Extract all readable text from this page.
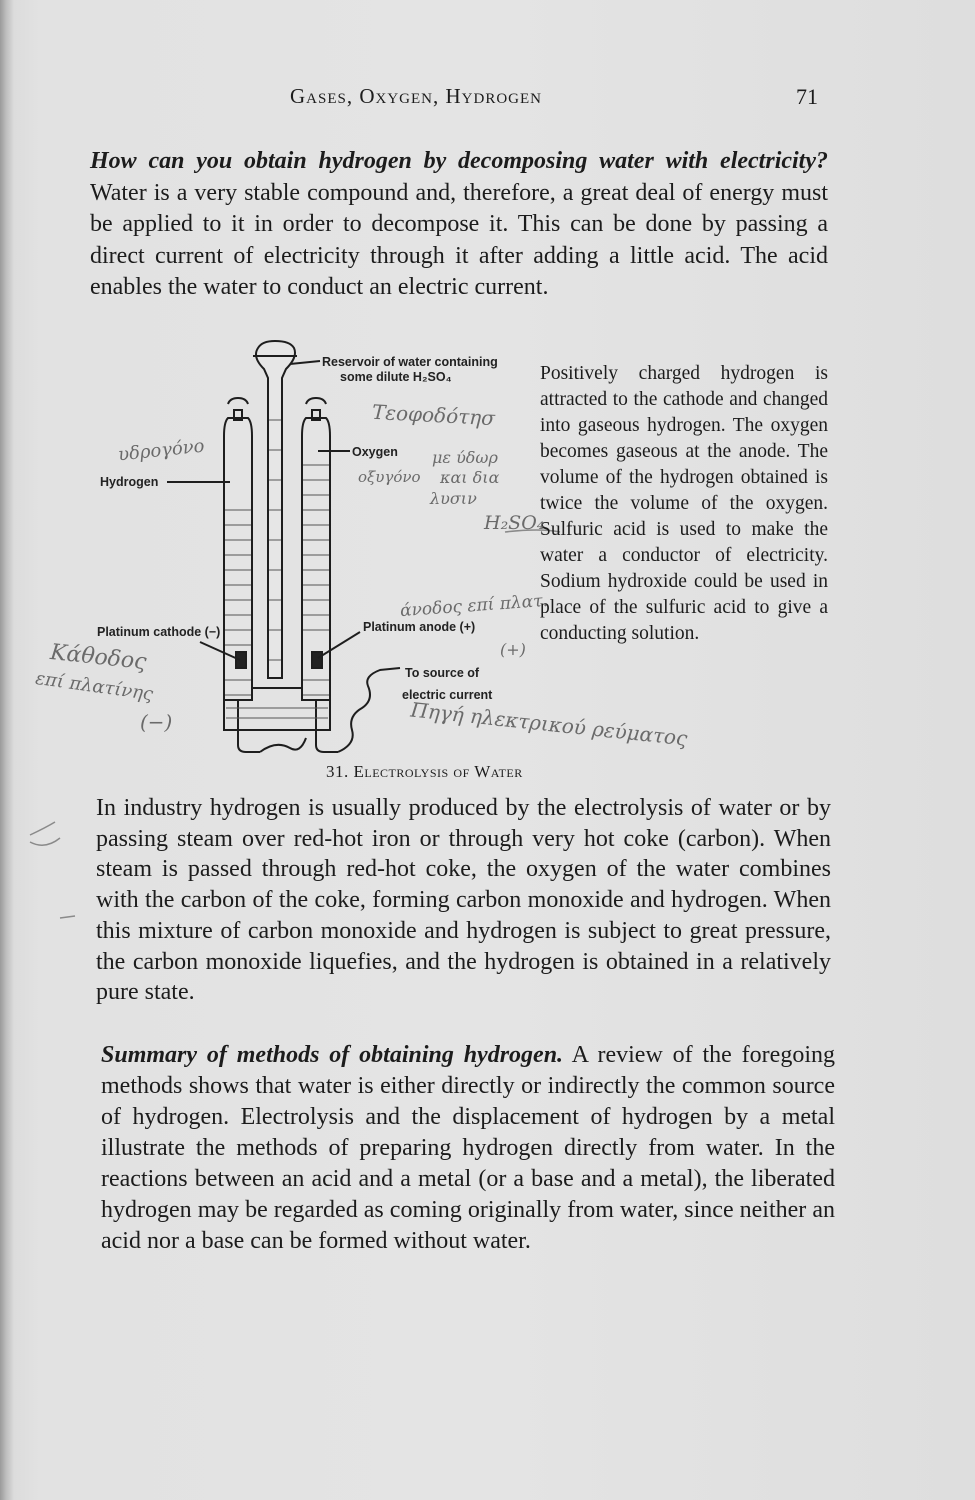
Gases, Oxygen, Hydrogen	71

How can you obtain hydrogen by decomposing water with electricity? Water is a very stable compound and, therefore, a great deal of energy must be applied to it in order to decompose it. This can be done by passing a direct current of electricity through it after adding a little acid. The acid enables the water to conduct an electric current.

Reservoir of water containing
some dilute H₂SO₄
Oxygen
Hydrogen
Platinum cathode (−)	Platinum anode (+)
To source of
electric current
Positively charged hydrogen is attracted to the cathode and changed into gaseous hydrogen. The oxygen becomes gaseous at the anode. The volume of the hydrogen obtained is twice the volume of the oxygen. Sulfuric acid is used to make the water a conductor of electricity. Sodium hydroxide could be used in place of the sulfuric acid to give a conducting solution.
31. Electrolysis of Water
υδρογόνο
Τεοφοδότησ
με ύδωρ
και δια
λυσιν
οξυγόνο
H₂SO₄
άνοδος επί πλατ.
(+)
Κάθοδος
επί πλατίνης
(−)	Πηγή ηλεκτρικού ρεύματος

In industry hydrogen is usually produced by the electrolysis of water or by passing steam over red-hot iron or through very hot coke (carbon). When steam is passed through red-hot coke, the oxygen of the water combines with the carbon of the coke, forming carbon monoxide and hydrogen. When this mixture of carbon monoxide and hydrogen is subject to great pressure, the carbon monoxide liquefies, and the hydrogen is obtained in a relatively pure state.

Summary of methods of obtaining hydrogen. A review of the foregoing methods shows that water is either directly or indirectly the common source of hydrogen. Electrolysis and the displacement of hydrogen by a metal illustrate the methods of preparing hydrogen directly from water. In the reactions between an acid and a metal (or a base and a metal), the liberated hydrogen may be regarded as coming originally from water, since neither an acid nor a base can be formed without water.
